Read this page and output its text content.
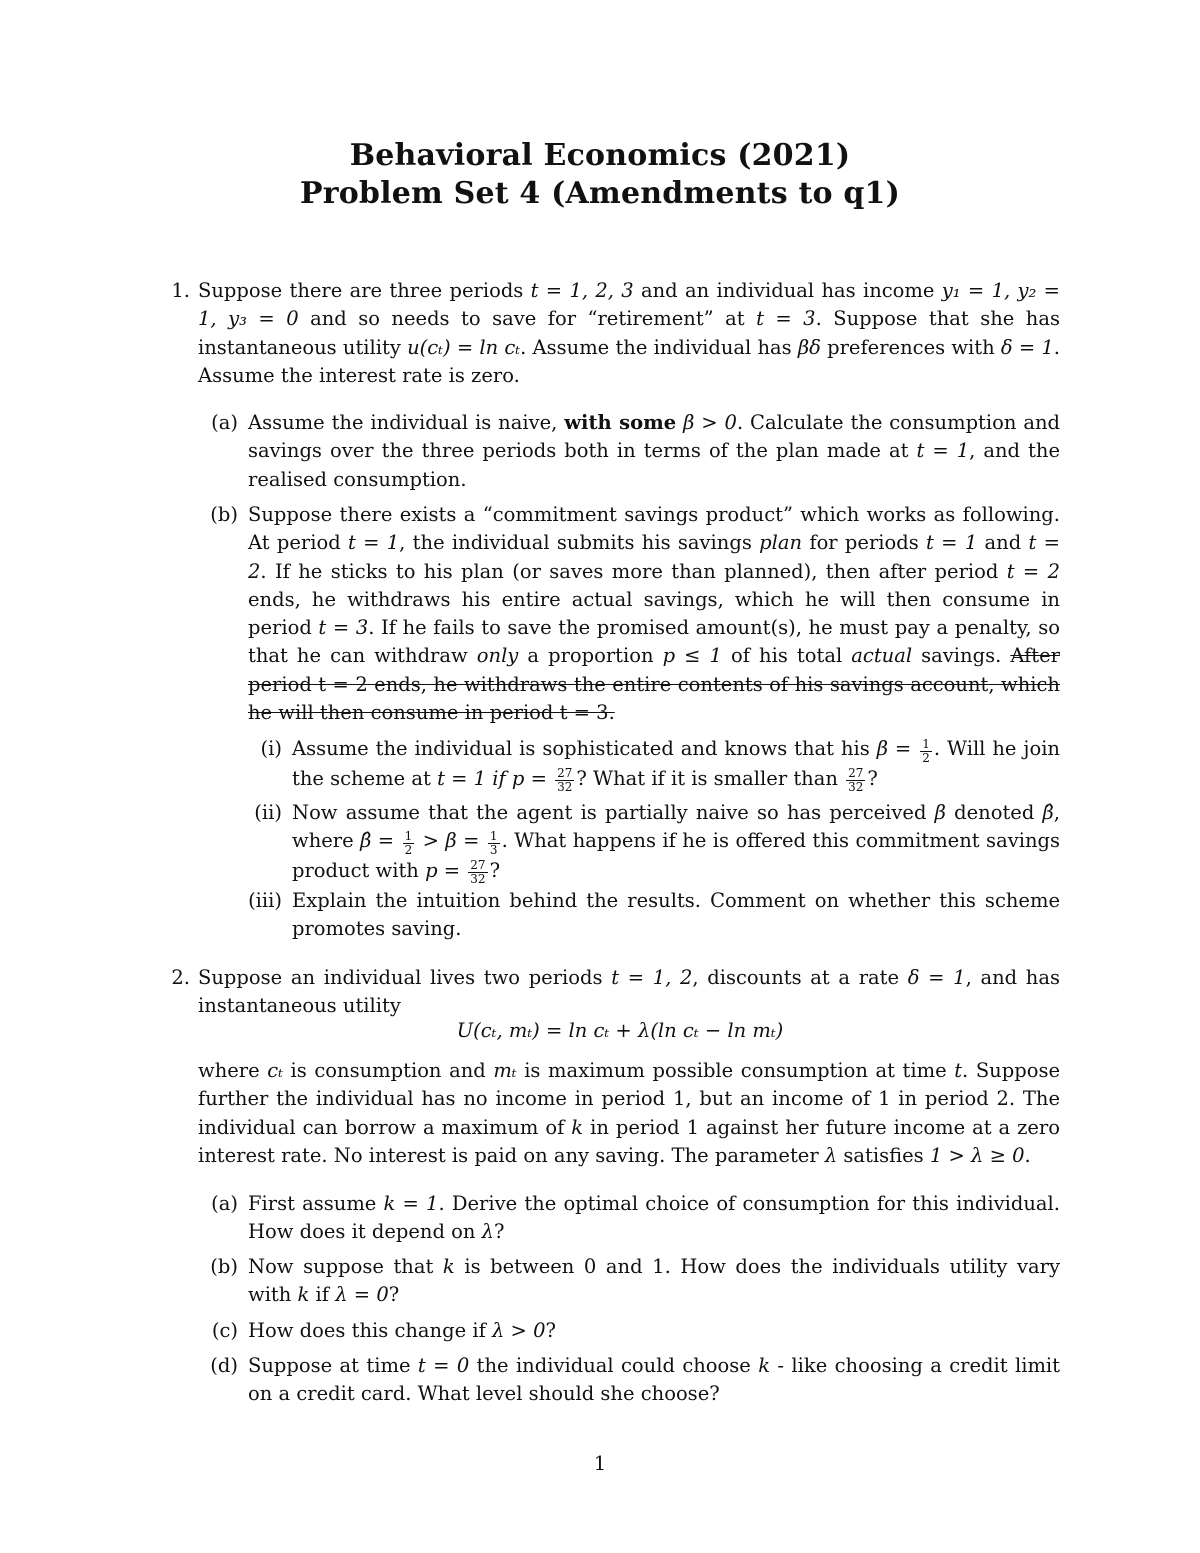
Behavioral Economics (2021)
Problem Set 4 (Amendments to q1)
1. Suppose there are three periods t = 1, 2, 3 and an individual has income y₁ = 1, y₂ = 1, y₃ = 0 and so needs to save for “retirement” at t = 3. Suppose that she has instantaneous utility u(cₜ) = ln cₜ. Assume the individual has βδ preferences with δ = 1. Assume the interest rate is zero.
(a) Assume the individual is naive, with some β > 0. Calculate the consumption and savings over the three periods both in terms of the plan made at t = 1, and the realised consumption.
(b) Suppose there exists a “commitment savings product” which works as following. At period t = 1, the individual submits his savings plan for periods t = 1 and t = 2. If he sticks to his plan (or saves more than planned), then after period t = 2 ends, he withdraws his entire actual savings, which he will then consume in period t = 3. If he fails to save the promised amount(s), he must pay a penalty, so that he can withdraw only a proportion p ≤ 1 of his total actual savings. After period t = 2 ends, he withdraws the entire contents of his savings account, which he will then consume in period t = 3.
(i) Assume the individual is sophisticated and knows that his $\beta = \frac{1}{2}$ . Will he join the scheme at t = 1 if $p = \frac{27}{32}$ ? What if it is smaller than $\frac{27}{32}$ ?
(ii) Now assume that the agent is partially naive so has perceived β denoted β̂, where β̂ = $\frac{1}{2} > \beta = \frac{1}{3}$ . What happens if he is offered this commitment savings product with $p = \frac{27}{32}$ ?
(iii) Explain the intuition behind the results. Comment on whether this scheme promotes saving.
2. Suppose an individual lives two periods t = 1, 2, discounts at a rate δ = 1, and has instantaneous utility
U(cₜ, mₜ) = ln cₜ + λ(ln cₜ − ln mₜ)
where cₜ is consumption and mₜ is maximum possible consumption at time t. Suppose further the individual has no income in period 1, but an income of 1 in period 2. The individual can borrow a maximum of k in period 1 against her future income at a zero interest rate. No interest is paid on any saving. The parameter λ satisfies 1 > λ ≥ 0.
(a) First assume k = 1. Derive the optimal choice of consumption for this individual. How does it depend on λ?
(b) Now suppose that k is between 0 and 1. How does the individuals utility vary with k if λ = 0?
(c) How does this change if λ > 0?
(d) Suppose at time t = 0 the individual could choose k - like choosing a credit limit on a credit card. What level should she choose?
1
